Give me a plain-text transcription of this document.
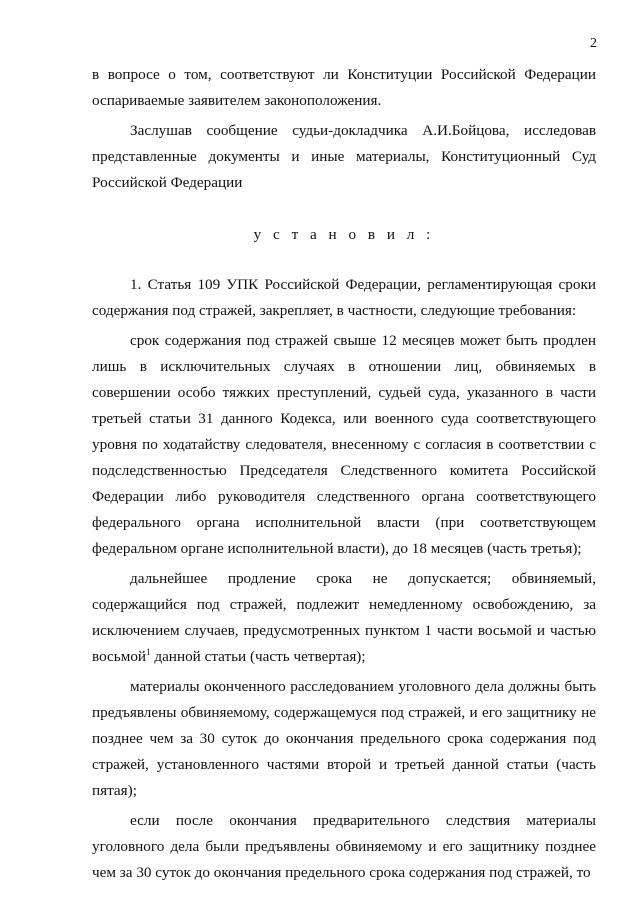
2

в вопросе о том, соответствуют ли Конституции Российской Федерации оспариваемые заявителем законоположения.

Заслушав сообщение судьи-докладчика А.И.Бойцова, исследовав представленные документы и иные материалы, Конституционный Суд Российской Федерации

у с т а н о в и л :

1. Статья 109 УПК Российской Федерации, регламентирующая сроки содержания под стражей, закрепляет, в частности, следующие требования:

срок содержания под стражей свыше 12 месяцев может быть продлен лишь в исключительных случаях в отношении лиц, обвиняемых в совершении особо тяжких преступлений, судьей суда, указанного в части третьей статьи 31 данного Кодекса, или военного суда соответствующего уровня по ходатайству следователя, внесенному с согласия в соответствии с подследственностью Председателя Следственного комитета Российской Федерации либо руководителя следственного органа соответствующего федерального органа исполнительной власти (при соответствующем федеральном органе исполнительной власти), до 18 месяцев (часть третья);

дальнейшее продление срока не допускается; обвиняемый, содержащийся под стражей, подлежит немедленному освобождению, за исключением случаев, предусмотренных пунктом 1 части восьмой и частью восьмой$^1$ данной статьи (часть четвертая);

материалы оконченного расследованием уголовного дела должны быть предъявлены обвиняемому, содержащемуся под стражей, и его защитнику не позднее чем за 30 суток до окончания предельного срока содержания под стражей, установленного частями второй и третьей данной статьи (часть пятая);

если после окончания предварительного следствия материалы уголовного дела были предъявлены обвиняемому и его защитнику позднее чем за 30 суток до окончания предельного срока содержания под стражей, то
